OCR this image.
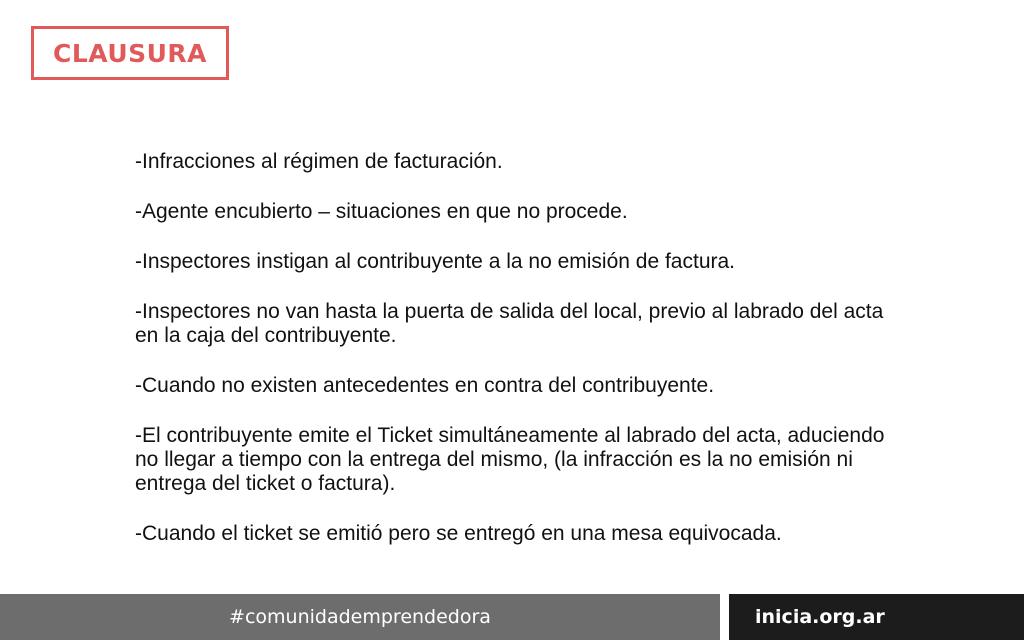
CLAUSURA

-Infracciones al régimen de facturación.

-Agente encubierto – situaciones en que no procede.

-Inspectores instigan al contribuyente a la no emisión de factura.

-Inspectores no van hasta la puerta de salida del local, previo al labrado del acta en la caja del contribuyente.

-Cuando no existen antecedentes en contra del contribuyente.

-El contribuyente emite el Ticket simultáneamente al labrado del acta, aduciendo no llegar a tiempo con la entrega del mismo, (la infracción es la no emisión ni entrega del ticket o factura).

-Cuando el ticket se emitió pero se entregó en una mesa equivocada.

#comunidademprendedora	inicia.org.ar
